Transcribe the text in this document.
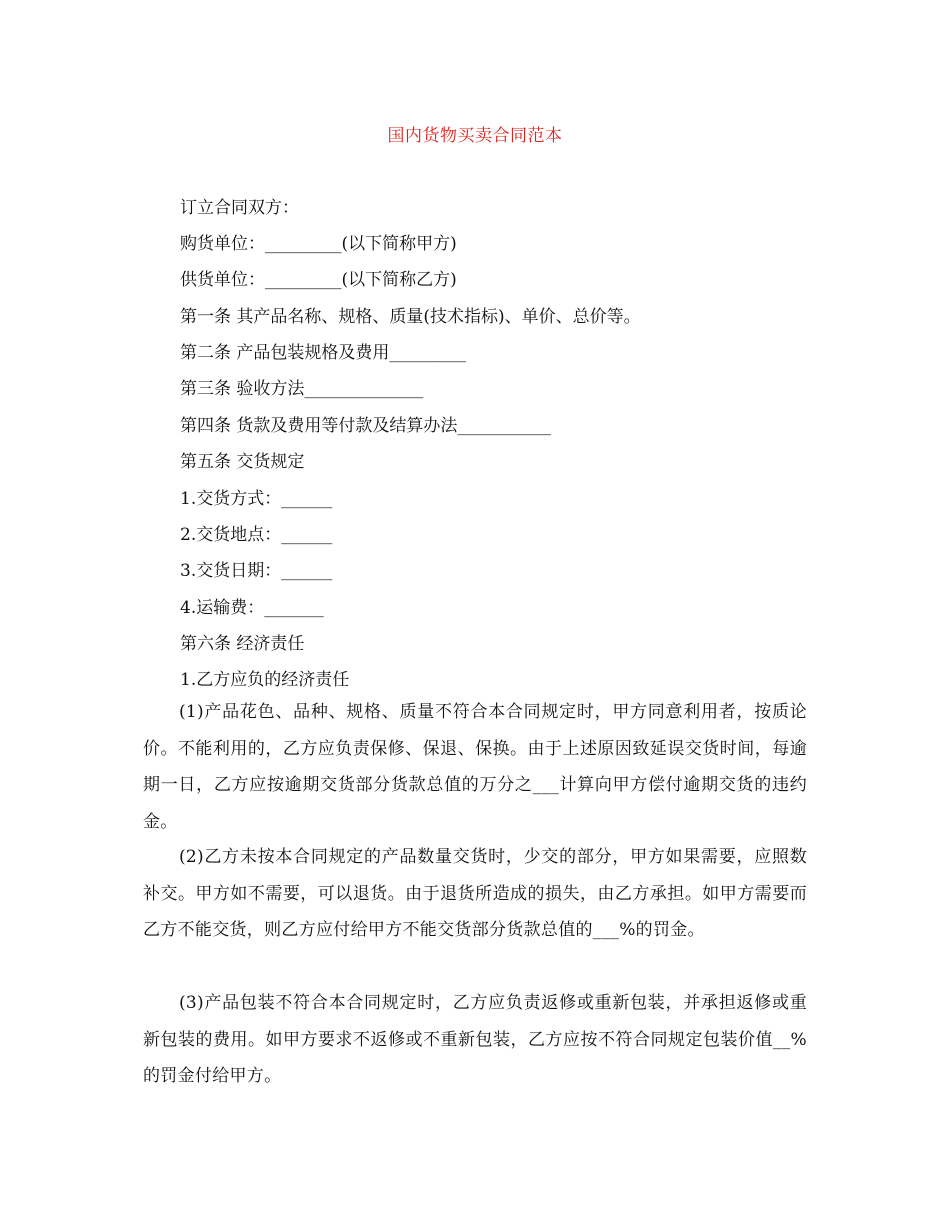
国内货物买卖合同范本
订立合同双方：
购货单位：_________(以下简称甲方)
供货单位：_________(以下简称乙方)
第一条 其产品名称、规格、质量(技术指标)、单价、总价等。
第二条 产品包装规格及费用_________
第三条 验收方法______________
第四条 货款及费用等付款及结算办法___________
第五条 交货规定
1.交货方式：______
2.交货地点：______
3.交货日期：______
4.运输费：_______
第六条 经济责任
1.乙方应负的经济责任

(1)产品花色、品种、规格、质量不符合本合同规定时，甲方同意利用者，按质论价。不能利用的，乙方应负责保修、保退、保换。由于上述原因致延误交货时间，每逾期一日，乙方应按逾期交货部分货款总值的万分之___计算向甲方偿付逾期交货的违约金。

(2)乙方未按本合同规定的产品数量交货时，少交的部分，甲方如果需要，应照数补交。甲方如不需要，可以退货。由于退货所造成的损失，由乙方承担。如甲方需要而乙方不能交货，则乙方应付给甲方不能交货部分货款总值的___%的罚金。

(3)产品包装不符合本合同规定时，乙方应负责返修或重新包装，并承担返修或重新包装的费用。如甲方要求不返修或不重新包装，乙方应按不符合同规定包装价值__%的罚金付给甲方。
